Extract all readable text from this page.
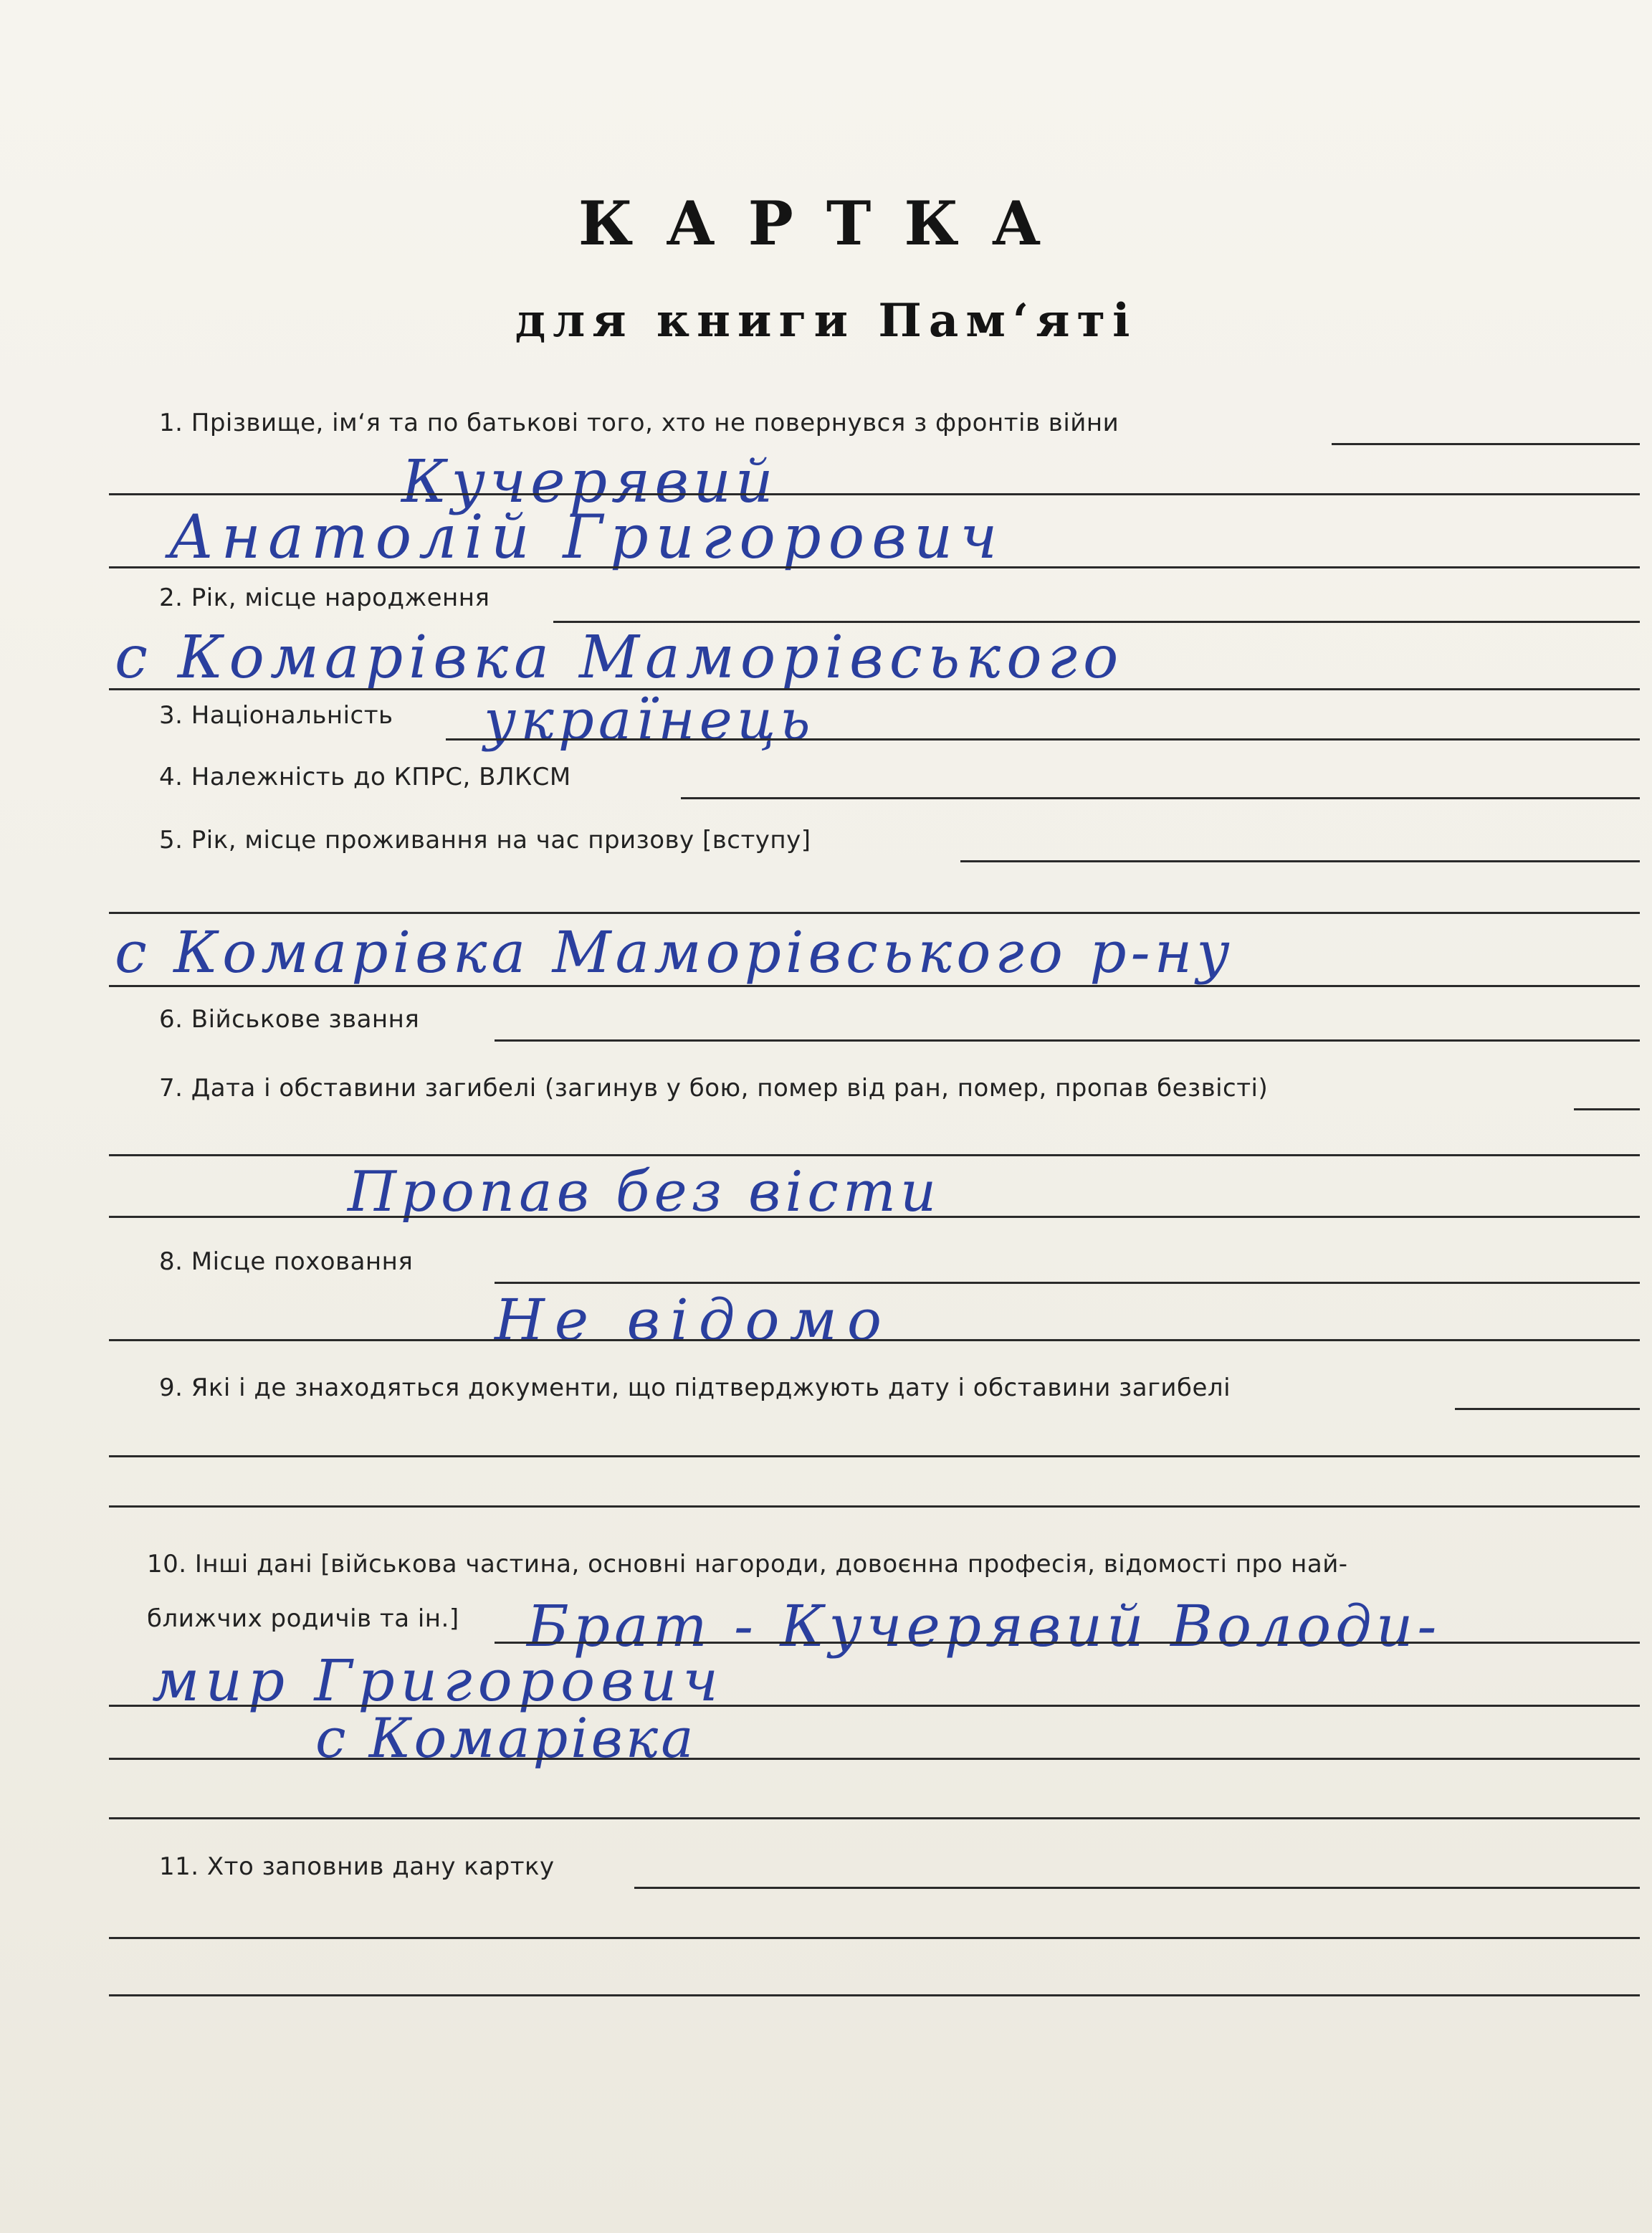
КАРТКА
для книги Пам‘яті
1. Прізвище, ім‘я та по батькові того, хто не повернувся з фронтів війни
Кучерявий
Анатолій Григорович
2. Рік, місце народження
с Комарівка Маморівського
3. Національність українець
4. Належність до КПРС, ВЛКСМ
5. Рік, місце проживання на час призову [вступу]
с Комарівка Маморівського р-ну
6. Військове звання
7. Дата і обставини загибелі (загинув у бою, помер від ран, помер, пропав безвісті)
Пропав без вісти
8. Місце поховання
Не відомо
9. Які і де знаходяться документи, що підтверджують дату і обставини загибелі
10. Інші дані [військова частина, основні нагороди, довоєнна професія, відомості про най-
ближчих родичів та ін.] Брат - Кучерявий Володи-
мир Григорович
с Комарівка
11. Хто заповнив дану картку
